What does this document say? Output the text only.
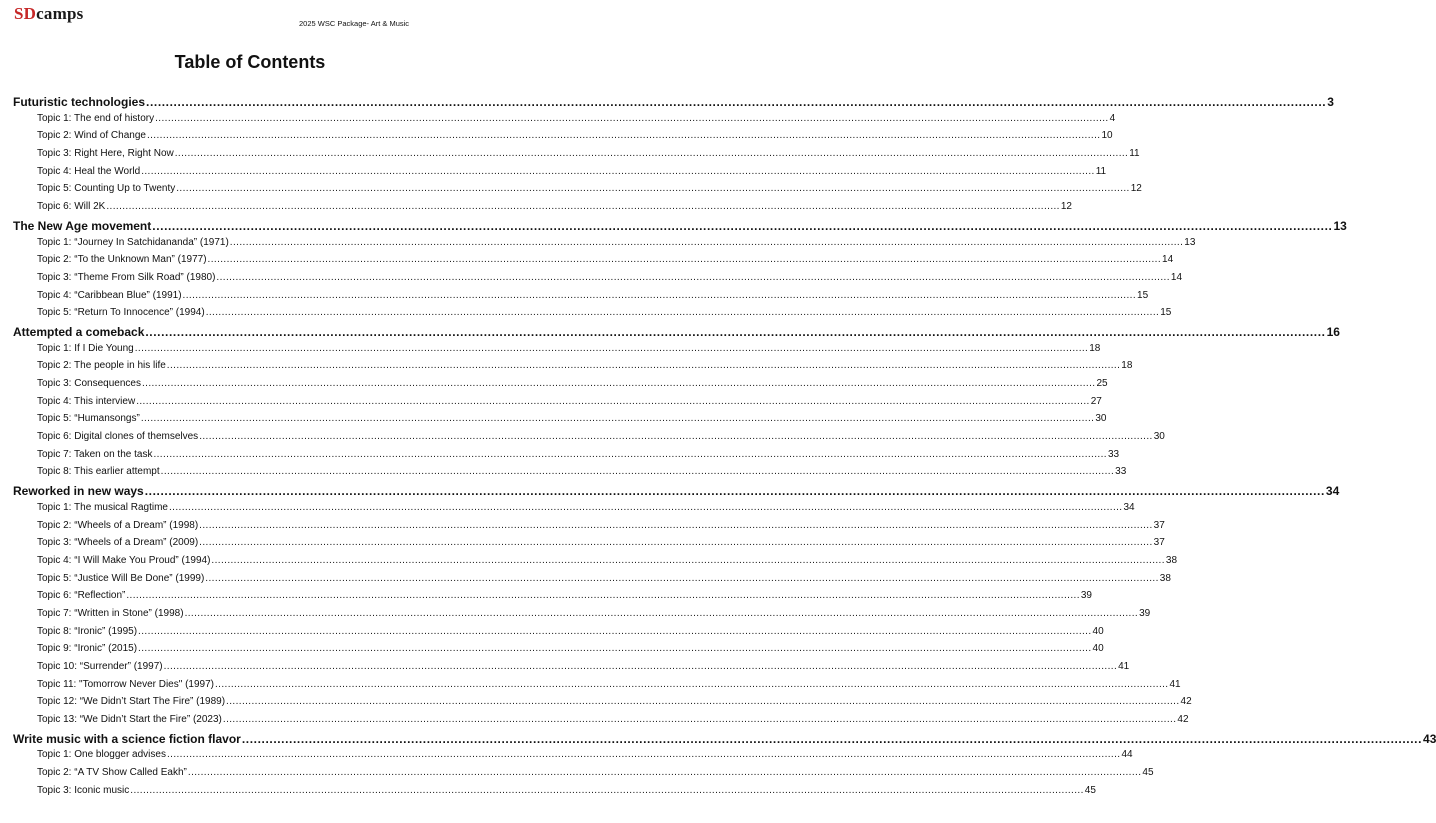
SDcamps
2025 WSC Package- Art & Music
Table of Contents
Futuristic technologies ............................................................................................................................................................................................................................................................................................................ 3
Topic 1: The end of history ............................................................................................................................................................................................................................................................................................................ 4
Topic 2: Wind of Change ............................................................................................................................................................................................................................................................................................................ 10
Topic 3: Right Here, Right Now ............................................................................................................................................................................................................................................................................................................ 11
Topic 4: Heal the World ............................................................................................................................................................................................................................................................................................................ 11
Topic 5: Counting Up to Twenty ............................................................................................................................................................................................................................................................................................................ 12
Topic 6: Will 2K ............................................................................................................................................................................................................................................................................................................ 12
The New Age movement ............................................................................................................................................................................................................................................................................................................ 13
Topic 1: “Journey In Satchidananda” (1971) ............................................................................................................................................................................................................................................................................................................ 13
Topic 2: “To the Unknown Man” (1977) ............................................................................................................................................................................................................................................................................................................ 14
Topic 3: “Theme From Silk Road” (1980) ............................................................................................................................................................................................................................................................................................................ 14
Topic 4: “Caribbean Blue” (1991) ............................................................................................................................................................................................................................................................................................................ 15
Topic 5: “Return To Innocence” (1994) ............................................................................................................................................................................................................................................................................................................ 15
Attempted a comeback ............................................................................................................................................................................................................................................................................................................ 16
Topic 1: If I Die Young ............................................................................................................................................................................................................................................................................................................ 18
Topic 2: The people in his life ............................................................................................................................................................................................................................................................................................................ 18
Topic 3: Consequences ............................................................................................................................................................................................................................................................................................................ 25
Topic 4: This interview ............................................................................................................................................................................................................................................................................................................ 27
Topic 5: “Humansongs” ............................................................................................................................................................................................................................................................................................................ 30
Topic 6: Digital clones of themselves ............................................................................................................................................................................................................................................................................................................ 30
Topic 7: Taken on the task ............................................................................................................................................................................................................................................................................................................ 33
Topic 8: This earlier attempt ............................................................................................................................................................................................................................................................................................................ 33
Reworked in new ways ............................................................................................................................................................................................................................................................................................................ 34
Topic 1: The musical Ragtime ............................................................................................................................................................................................................................................................................................................ 34
Topic 2: “Wheels of a Dream” (1998) ............................................................................................................................................................................................................................................................................................................ 37
Topic 3: “Wheels of a Dream” (2009) ............................................................................................................................................................................................................................................................................................................ 37
Topic 4: “I Will Make You Proud” (1994) ............................................................................................................................................................................................................................................................................................................ 38
Topic 5: “Justice Will Be Done” (1999) ............................................................................................................................................................................................................................................................................................................ 38
Topic 6: “Reflection” ............................................................................................................................................................................................................................................................................................................ 39
Topic 7: “Written in Stone” (1998) ............................................................................................................................................................................................................................................................................................................ 39
Topic 8: “Ironic” (1995) ............................................................................................................................................................................................................................................................................................................ 40
Topic 9: “Ironic” (2015) ............................................................................................................................................................................................................................................................................................................ 40
Topic 10: “Surrender” (1997) ............................................................................................................................................................................................................................................................................................................ 41
Topic 11: "Tomorrow Never Dies" (1997) ............................................................................................................................................................................................................................................................................................................ 41
Topic 12: “We Didn’t Start The Fire” (1989) ............................................................................................................................................................................................................................................................................................................ 42
Topic 13: “We Didn’t Start the Fire” (2023) ............................................................................................................................................................................................................................................................................................................ 42
Write music with a science fiction flavor ............................................................................................................................................................................................................................................................................................................ 43
Topic 1: One blogger advises ............................................................................................................................................................................................................................................................................................................ 44
Topic 2: “A TV Show Called Eakh” ............................................................................................................................................................................................................................................................................................................ 45
Topic 3: Iconic music ............................................................................................................................................................................................................................................................................................................ 45
